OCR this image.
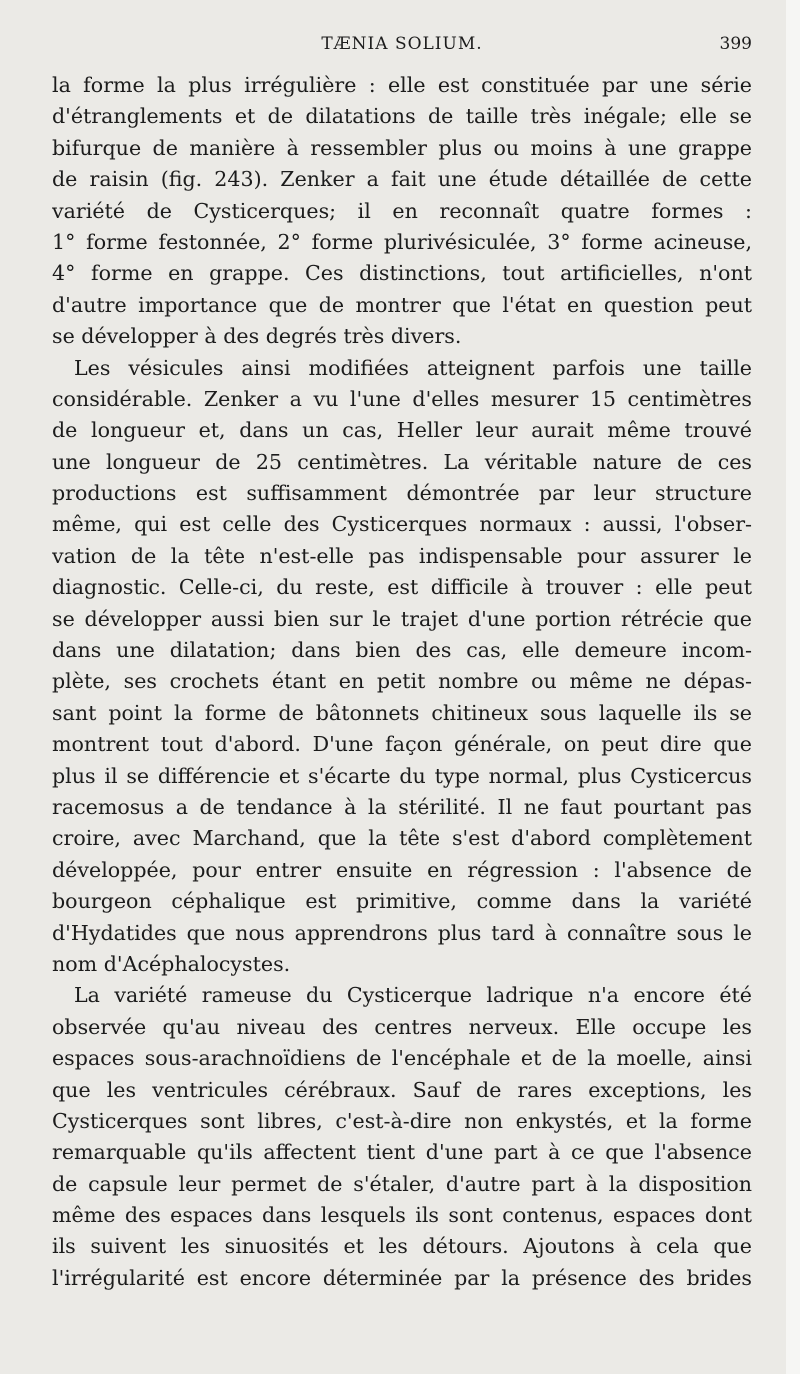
TÆNIA SOLIUM.	399
la forme la plus irrégulière : elle est constituée par une série
d'étranglements et de dilatations de taille très inégale; elle se
bifurque de manière à ressembler plus ou moins à une grappe
de raisin (fig. 243). Zenker a fait une étude détaillée de cette
variété de Cysticerques; il en reconnaît quatre formes :
1° forme festonnée, 2° forme plurivésiculée, 3° forme acineuse,
4° forme en grappe. Ces distinctions, tout artificielles, n'ont
d'autre importance que de montrer que l'état en question peut
se développer à des degrés très divers.
Les vésicules ainsi modifiées atteignent parfois une taille
considérable. Zenker a vu l'une d'elles mesurer 15 centimètres
de longueur et, dans un cas, Heller leur aurait même trouvé
une longueur de 25 centimètres. La véritable nature de ces
productions est suffisamment démontrée par leur structure
même, qui est celle des Cysticerques normaux : aussi, l'obser-
vation de la tête n'est-elle pas indispensable pour assurer le
diagnostic. Celle-ci, du reste, est difficile à trouver : elle peut
se développer aussi bien sur le trajet d'une portion rétrécie que
dans une dilatation; dans bien des cas, elle demeure incom-
plète, ses crochets étant en petit nombre ou même ne dépas-
sant point la forme de bâtonnets chitineux sous laquelle ils se
montrent tout d'abord. D'une façon générale, on peut dire que
plus il se différencie et s'écarte du type normal, plus Cysticercus
racemosus a de tendance à la stérilité. Il ne faut pourtant pas
croire, avec Marchand, que la tête s'est d'abord complètement
développée, pour entrer ensuite en régression : l'absence de
bourgeon céphalique est primitive, comme dans la variété
d'Hydatides que nous apprendrons plus tard à connaître sous le
nom d'Acéphalocystes.
La variété rameuse du Cysticerque ladrique n'a encore été
observée qu'au niveau des centres nerveux. Elle occupe les
espaces sous-arachnoïdiens de l'encéphale et de la moelle, ainsi
que les ventricules cérébraux. Sauf de rares exceptions, les
Cysticerques sont libres, c'est-à-dire non enkystés, et la forme
remarquable qu'ils affectent tient d'une part à ce que l'absence
de capsule leur permet de s'étaler, d'autre part à la disposition
même des espaces dans lesquels ils sont contenus, espaces dont
ils suivent les sinuosités et les détours. Ajoutons à cela que
l'irrégularité est encore déterminée par la présence des brides
